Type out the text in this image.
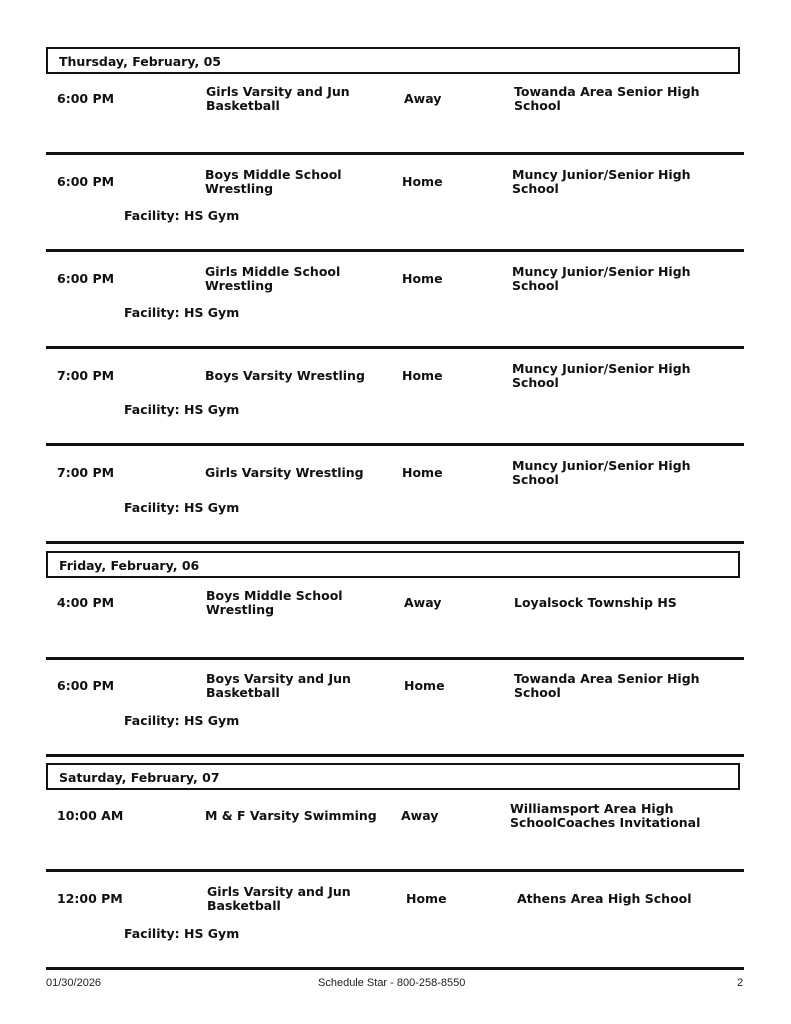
Thursday, February, 05
6:00 PM	Girls Varsity and Jun
Basketball	Away	Towanda Area Senior High
School
6:00 PM	Boys Middle School
Wrestling	Home	Muncy Junior/Senior High
School
Facility: HS Gym
6:00 PM	Girls Middle School
Wrestling	Home	Muncy Junior/Senior High
School
Facility: HS Gym
7:00 PM	Boys Varsity Wrestling	Home	Muncy Junior/Senior High
School
Facility: HS Gym
7:00 PM	Girls Varsity Wrestling	Home	Muncy Junior/Senior High
School
Facility: HS Gym
Friday, February, 06
4:00 PM	Boys Middle School
Wrestling	Away	Loyalsock Township HS
6:00 PM	Boys Varsity and Jun
Basketball	Home	Towanda Area Senior High
School
Facility: HS Gym
Saturday, February, 07
10:00 AM	M & F Varsity Swimming Away	Williamsport Area High
SchoolCoaches Invitational
12:00 PM	Girls Varsity and Jun
Basketball	Home	Athens Area High School
Facility: HS Gym
01/30/2026	Schedule Star - 800-258-8550	2
